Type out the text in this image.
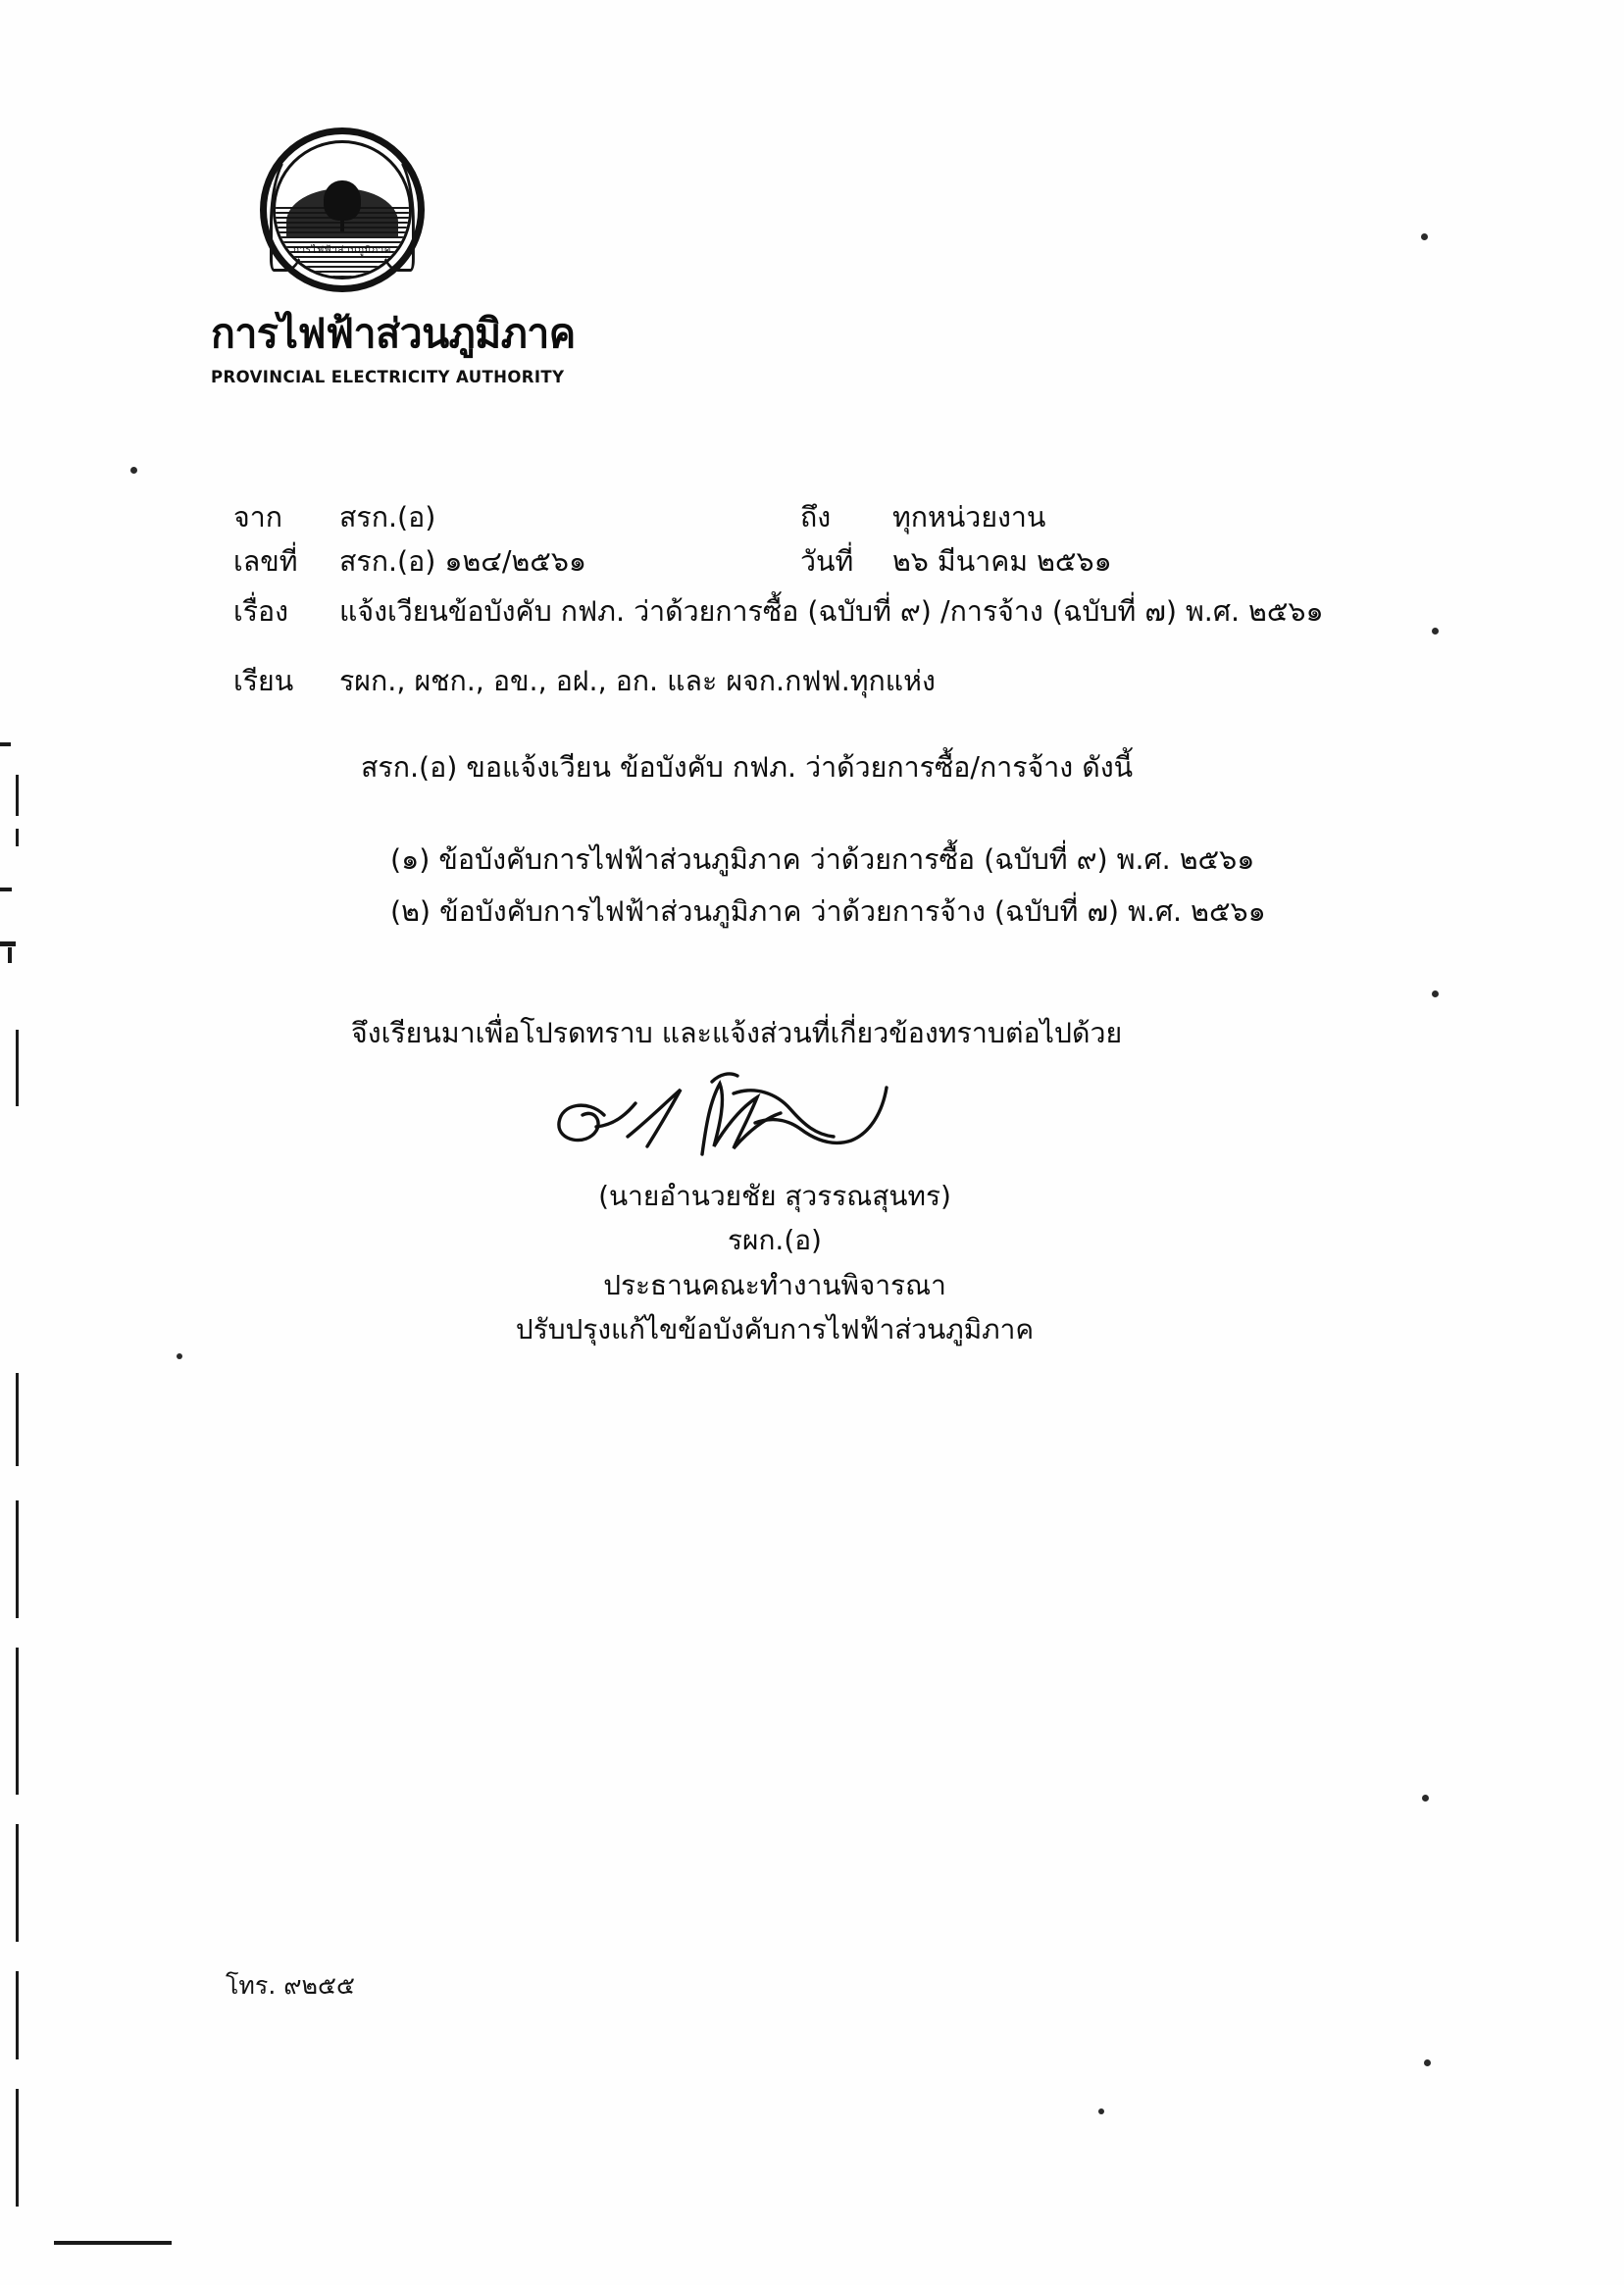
การไฟฟ้าส่วนภูมิภาค
การไฟฟ้าส่วนภูมิภาค
PROVINCIAL ELECTRICITY AUTHORITY
จาก	สรก.(อ)	ถึง	ทุกหน่วยงาน
เลขที่	สรก.(อ) ๑๒๔/๒๕๖๑	วันที่	๒๖ มีนาคม ๒๕๖๑
เรื่อง	แจ้งเวียนข้อบังคับ กฟภ. ว่าด้วยการซื้อ (ฉบับที่ ๙) /การจ้าง (ฉบับที่ ๗) พ.ศ. ๒๕๖๑
เรียน	รผก., ผชก., อข., อฝ., อก. และ ผจก.กฟฟ.ทุกแห่ง
สรก.(อ) ขอแจ้งเวียน ข้อบังคับ กฟภ. ว่าด้วยการซื้อ/การจ้าง ดังนี้
(๑) ข้อบังคับการไฟฟ้าส่วนภูมิภาค ว่าด้วยการซื้อ (ฉบับที่ ๙) พ.ศ. ๒๕๖๑
(๒) ข้อบังคับการไฟฟ้าส่วนภูมิภาค ว่าด้วยการจ้าง (ฉบับที่ ๗) พ.ศ. ๒๕๖๑
จึงเรียนมาเพื่อโปรดทราบ และแจ้งส่วนที่เกี่ยวข้องทราบต่อไปด้วย
(นายอำนวยชัย สุวรรณสุนทร)
รผก.(อ)
ประธานคณะทำงานพิจารณา
ปรับปรุงแก้ไขข้อบังคับการไฟฟ้าส่วนภูมิภาค
โทร. ๙๒๕๕
